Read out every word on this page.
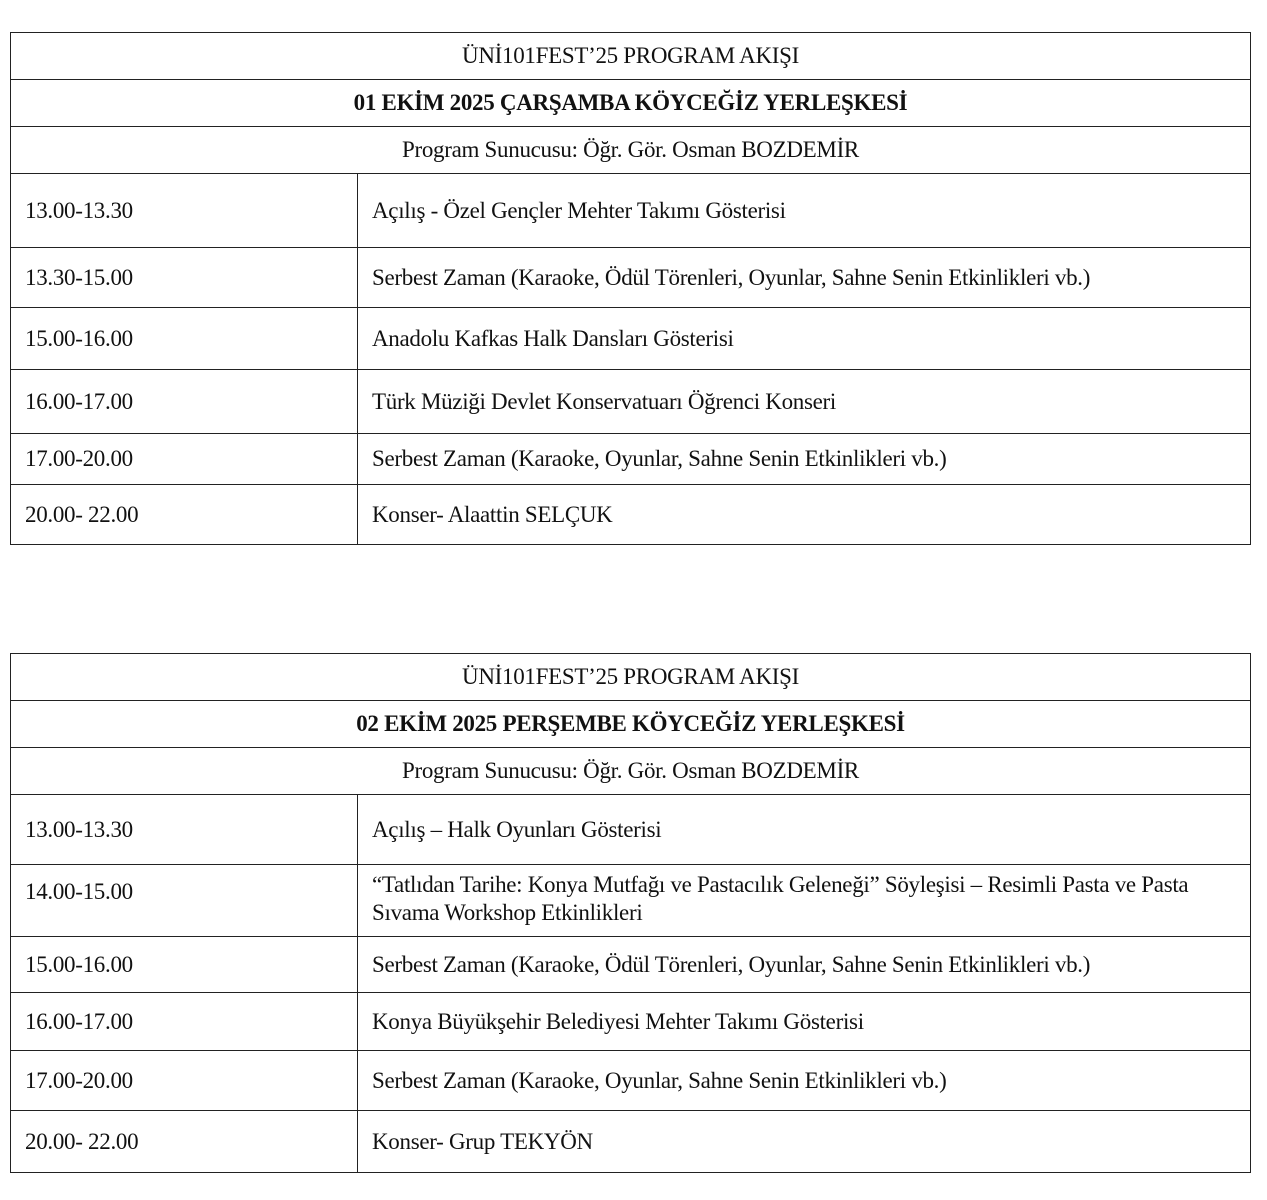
ÜNİ101FEST’25 PROGRAM AKIŞI	
01 EKİM 2025 ÇARŞAMBA KÖYCEĞİZ YERLEŞKESİ	
Program Sunucusu: Öğr. Gör. Osman BOZDEMİR	
13.00-13.30	Açılış - Özel Gençler Mehter Takımı Gösterisi
13.30-15.00	Serbest Zaman (Karaoke, Ödül Törenleri, Oyunlar, Sahne Senin Etkinlikleri vb.)
15.00-16.00	Anadolu Kafkas Halk Dansları Gösterisi
16.00-17.00	Türk Müziği Devlet Konservatuarı Öğrenci Konseri
17.00-20.00	Serbest Zaman (Karaoke, Oyunlar, Sahne Senin Etkinlikleri vb.)
20.00- 22.00	Konser- Alaattin SELÇUK
ÜNİ101FEST’25 PROGRAM AKIŞI	
02 EKİM 2025 PERŞEMBE KÖYCEĞİZ YERLEŞKESİ	
Program Sunucusu: Öğr. Gör. Osman BOZDEMİR	
13.00-13.30	Açılış – Halk Oyunları Gösterisi
14.00-15.00	“Tatlıdan Tarihe: Konya Mutfağı ve Pastacılık Geleneği” Söyleşisi – Resimli Pasta ve Pasta Sıvama Workshop Etkinlikleri
15.00-16.00	Serbest Zaman (Karaoke, Ödül Törenleri, Oyunlar, Sahne Senin Etkinlikleri vb.)
16.00-17.00	Konya Büyükşehir Belediyesi Mehter Takımı Gösterisi
17.00-20.00	Serbest Zaman (Karaoke, Oyunlar, Sahne Senin Etkinlikleri vb.)
20.00- 22.00	Konser- Grup TEKYÖN
